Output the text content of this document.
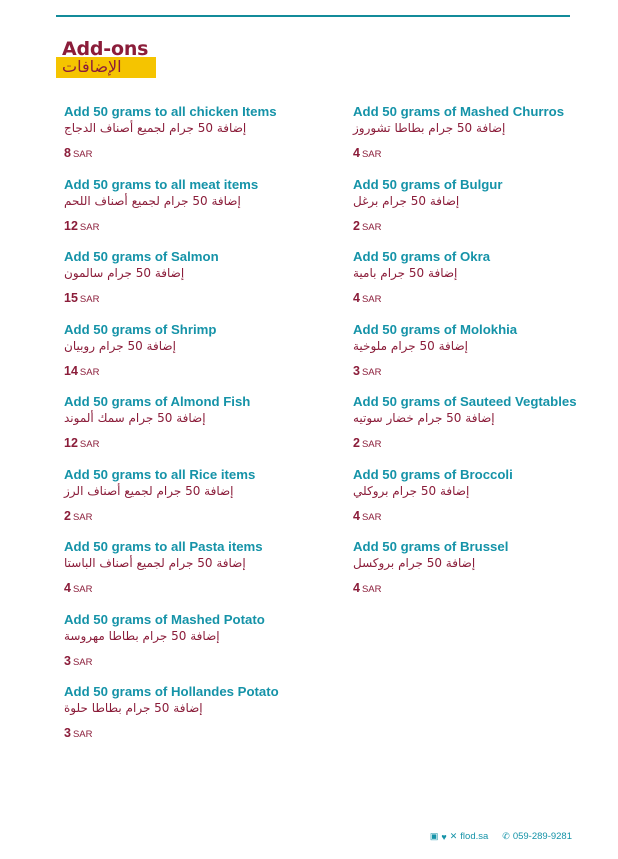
Add-ons
الإضافات
Add 50 grams to all chicken Items
إضافة 50 جرام لجميع أصناف الدجاج
8 SAR
Add 50 grams to all meat items
إضافة 50 جرام لجميع أصناف اللحم
12 SAR
Add 50 grams of Salmon
إضافة 50 جرام سالمون
15 SAR
Add 50 grams of Shrimp
إضافة 50 جرام روبيان
14 SAR
Add 50 grams of Almond Fish
إضافة 50 جرام سمك ألموند
12 SAR
Add 50 grams to all Rice items
إضافة 50 جرام لجميع أصناف الرز
2 SAR
Add 50 grams to all Pasta items
إضافة 50 جرام لجميع أصناف الباستا
4 SAR
Add 50 grams of Mashed Potato
إضافة 50 جرام بطاطا مهروسة
3 SAR
Add 50 grams of Hollandes Potato
إضافة 50 جرام بطاطا حلوة
3 SAR
Add 50 grams of Mashed Churros
إضافة 50 جرام بطاطا تشوروز
4 SAR
Add 50 grams of Bulgur
إضافة 50 جرام برغل
2 SAR
Add 50 grams of Okra
إضافة 50 جرام بامية
4 SAR
Add 50 grams of Molokhia
إضافة 50 جرام ملوخية
3 SAR
Add 50 grams of Sauteed Vegtables
إضافة 50 جرام خضار سوتيه
2 SAR
Add 50 grams of Broccoli
إضافة 50 جرام بروكلي
4 SAR
Add 50 grams of Brussel
إضافة 50 جرام بروكسل
4 SAR
▣ ♥ ✕ flod.sa ✆ 059-289-9281
